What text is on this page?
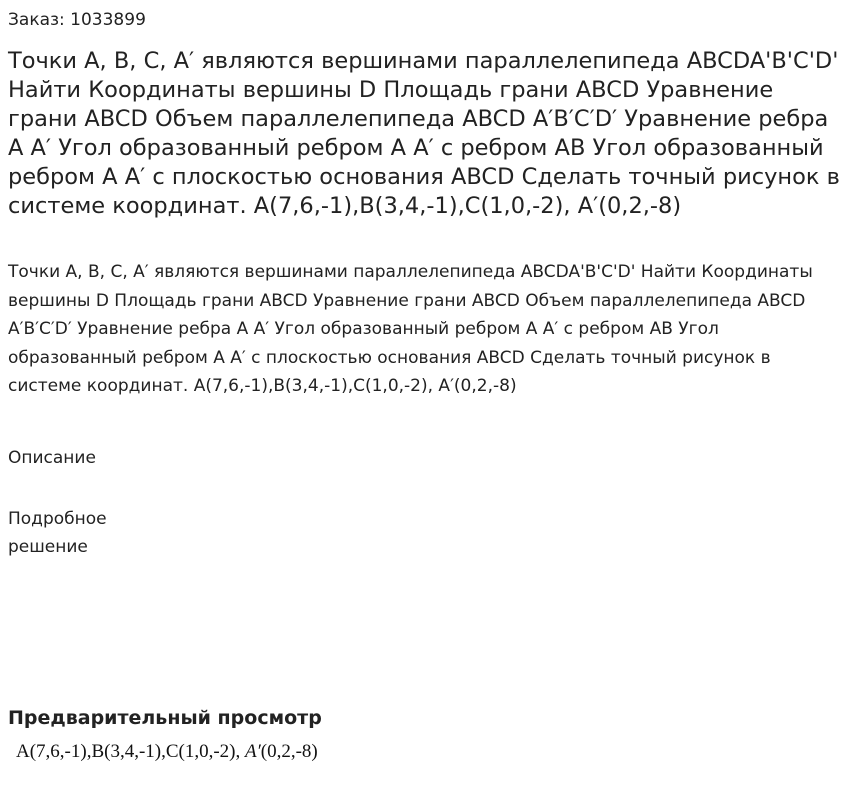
Заказ: 1033899
Точки А, В, С, А′ являются вершинами параллелепипеда ABCDA'B'C'D' Найти Координаты вершины D Площадь грани ABCD Уравнение грани ABCD Объем параллелепипеда ABCD A′B′C′D′ Уравнение ребра А А′ Угол образованный ребром А А′ с ребром АВ Угол образованный ребром А А′ с плоскостью основания ABCD Сделать точный рисунок в системе координат. А(7,6,-1),В(3,4,-1),С(1,0,-2), А′(0,2,-8)

Точки А, В, С, А′ являются вершинами параллелепипеда ABCDA'B'C'D' Найти Координаты вершины D Площадь грани ABCD Уравнение грани ABCD Объем параллелепипеда ABCD A′B′C′D′ Уравнение ребра А А′ Угол образованный ребром А А′ с ребром АВ Угол образованный ребром А А′ с плоскостью основания ABCD Сделать точный рисунок в системе координат. А(7,6,-1),В(3,4,-1),С(1,0,-2), А′(0,2,-8)

Описание
Подробное решение
Предварительный просмотр
A(7,6,-1),B(3,4,-1),C(1,0,-2), A′(0,2,-8)
